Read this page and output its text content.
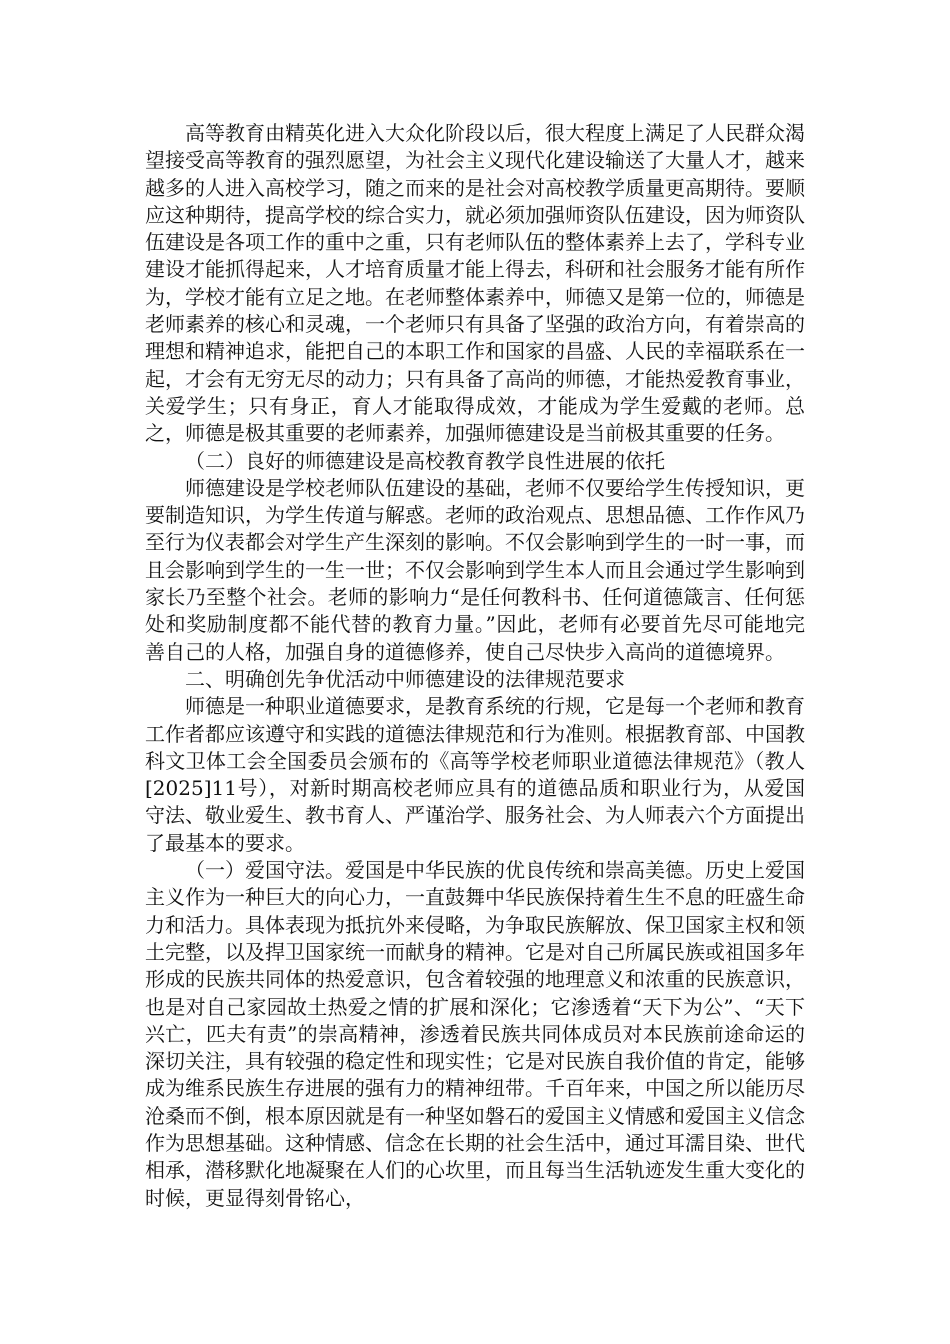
高等教育由精英化进入大众化阶段以后，很大程度上满足了人民群众渴望接受高等教育的强烈愿望，为社会主义现代化建设输送了大量人才，越来越多的人进入高校学习，随之而来的是社会对高校教学质量更高期待。要顺应这种期待，提高学校的综合实力，就必须加强师资队伍建设，因为师资队伍建设是各项工作的重中之重，只有老师队伍的整体素养上去了，学科专业建设才能抓得起来，人才培育质量才能上得去，科研和社会服务才能有所作为，学校才能有立足之地。在老师整体素养中，师德又是第一位的，师德是老师素养的核心和灵魂，一个老师只有具备了坚强的政治方向，有着崇高的理想和精神追求，能把自己的本职工作和国家的昌盛、人民的幸福联系在一起，才会有无穷无尽的动力；只有具备了高尚的师德，才能热爱教育事业，关爱学生；只有身正，育人才能取得成效，才能成为学生爱戴的老师。总之，师德是极其重要的老师素养，加强师德建设是当前极其重要的任务。

（二）良好的师德建设是高校教育教学良性进展的依托

师德建设是学校老师队伍建设的基础，老师不仅要给学生传授知识，更要制造知识，为学生传道与解惑。老师的政治观点、思想品德、工作作风乃至行为仪表都会对学生产生深刻的影响。不仅会影响到学生的一时一事，而且会影响到学生的一生一世；不仅会影响到学生本人而且会通过学生影响到家长乃至整个社会。老师的影响力“是任何教科书、任何道德箴言、任何惩处和奖励制度都不能代替的教育力量。”因此，老师有必要首先尽可能地完善自己的人格，加强自身的道德修养，使自己尽快步入高尚的道德境界。

二、明确创先争优活动中师德建设的法律规范要求

师德是一种职业道德要求，是教育系统的行规，它是每一个老师和教育工作者都应该遵守和实践的道德法律规范和行为准则。根据教育部、中国教科文卫体工会全国委员会颁布的《高等学校老师职业道德法律规范》（教人[2025]11号），对新时期高校老师应具有的道德品质和职业行为，从爱国守法、敬业爱生、教书育人、严谨治学、服务社会、为人师表六个方面提出了最基本的要求。

（一）爱国守法。爱国是中华民族的优良传统和崇高美德。历史上爱国主义作为一种巨大的向心力，一直鼓舞中华民族保持着生生不息的旺盛生命力和活力。具体表现为抵抗外来侵略，为争取民族解放、保卫国家主权和领土完整，以及捍卫国家统一而献身的精神。它是对自己所属民族或祖国多年形成的民族共同体的热爱意识，包含着较强的地理意义和浓重的民族意识，也是对自己家园故土热爱之情的扩展和深化；它渗透着“天下为公”、“天下兴亡，匹夫有责”的崇高精神，渗透着民族共同体成员对本民族前途命运的深切关注，具有较强的稳定性和现实性；它是对民族自我价值的肯定，能够成为维系民族生存进展的强有力的精神纽带。千百年来，中国之所以能历尽沧桑而不倒，根本原因就是有一种坚如磐石的爱国主义情感和爱国主义信念作为思想基础。这种情感、信念在长期的社会生活中，通过耳濡目染、世代相承，潜移默化地凝聚在人们的心坎里，而且每当生活轨迹发生重大变化的时候，更显得刻骨铭心，
